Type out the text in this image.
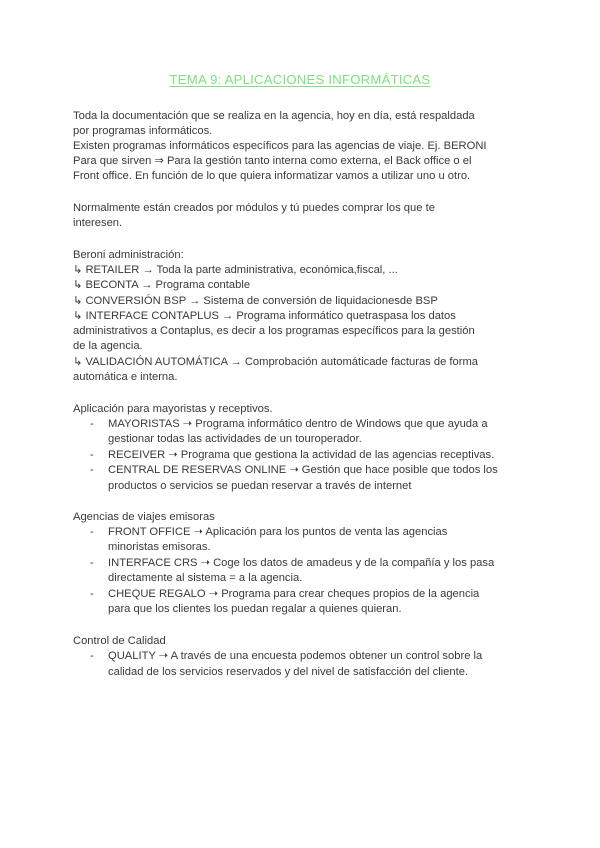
TEMA 9: APLICACIONES INFORMÁTICAS
Toda la documentación que se realiza en la agencia, hoy en día, está respaldada
por programas informáticos.
Existen programas informáticos específicos para las agencias de viaje. Ej. BERONI
Para que sirven ⇒ Para la gestión tanto interna como externa, el Back office o el
Front office. En función de lo que quiera informatizar vamos a utilizar uno u otro.
Normalmente están creados por módulos y tú puedes comprar los que te
interesen.
Beroni administración:
↳ RETAILER → Toda la parte administrativa, económica,fiscal, ...
↳ BECONTA → Programa contable
↳ CONVERSIÓN BSP → Sistema de conversión de liquidacionesde BSP
↳ INTERFACE CONTAPLUS → Programa informático quetraspasa los datos
administrativos a Contaplus, es decir a los programas específicos para la gestión
de la agencia.
↳ VALIDACIÓN AUTOMÁTICA → Comprobación automáticade facturas de forma
automática e interna.
Aplicación para mayoristas y receptivos.
- MAYORISTAS ➝ Programa informático dentro de Windows que que ayuda a
gestionar todas las actividades de un touroperador.
- RECEIVER ➝ Programa que gestiona la actividad de las agencias receptivas.
- CENTRAL DE RESERVAS ONLINE ➝ Gestión que hace posible que todos los
productos o servicios se puedan reservar a través de internet
Agencias de viajes emisoras
- FRONT OFFICE ➝ Aplicación para los puntos de venta las agencias
minoristas emisoras.
- INTERFACE CRS ➝ Coge los datos de amadeus y de la compañía y los pasa
directamente al sistema = a la agencia.
- CHEQUE REGALO ➝ Programa para crear cheques propios de la agencia
para que los clientes los puedan regalar a quienes quieran.
Control de Calidad
- QUALITY ➝ A través de una encuesta podemos obtener un control sobre la
calidad de los servicios reservados y del nivel de satisfacción del cliente.
